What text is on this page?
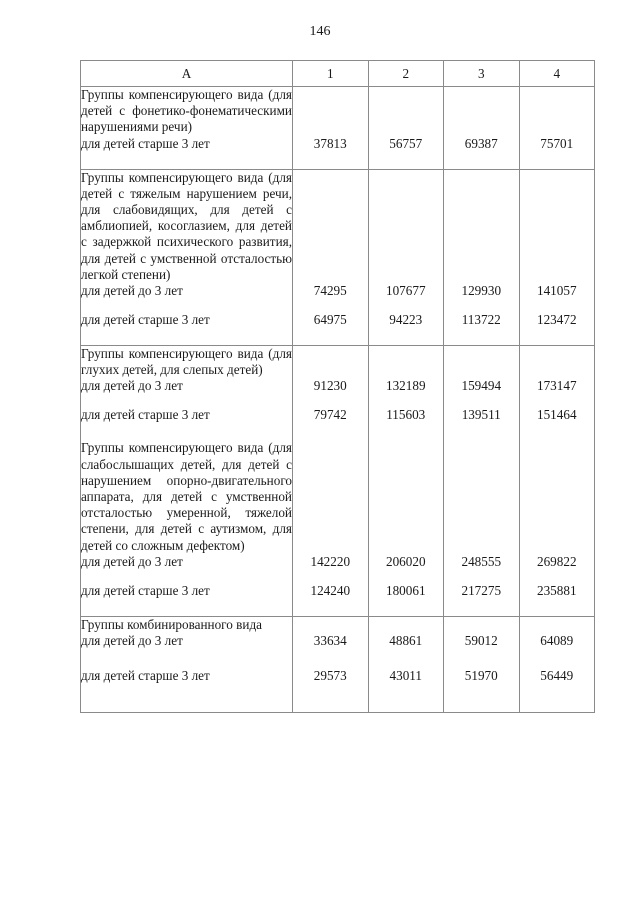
146
А	1	2	3	4
Группы компенсирующего вида (для детей с фонетико-фонематическими нарушениями речи)				
для детей старше 3 лет	37813	56757	69387	75701
Группы компенсирующего вида (для детей с тяжелым нарушением речи, для слабовидящих, для детей с амблиопией, косоглазием, для детей с задержкой психического развития, для детей с умственной отсталостью легкой степени)				
для детей до 3 лет	74295	107677	129930	141057
для детей старше 3 лет	64975	94223	113722	123472
Группы компенсирующего вида (для глухих детей, для слепых детей)				
для детей до 3 лет	91230	132189	159494	173147
для детей старше 3 лет	79742	115603	139511	151464
Группы компенсирующего вида (для слабослышащих детей, для детей с нарушением опорно-двигательного аппарата, для детей с умственной отсталостью умеренной, тяжелой степени, для детей с аутизмом, для детей со сложным дефектом)				
для детей до 3 лет	142220	206020	248555	269822
для детей старше 3 лет	124240	180061	217275	235881
Группы комбинированного вида				
для детей до 3 лет	33634	48861	59012	64089
для детей старше 3 лет	29573	43011	51970	56449
